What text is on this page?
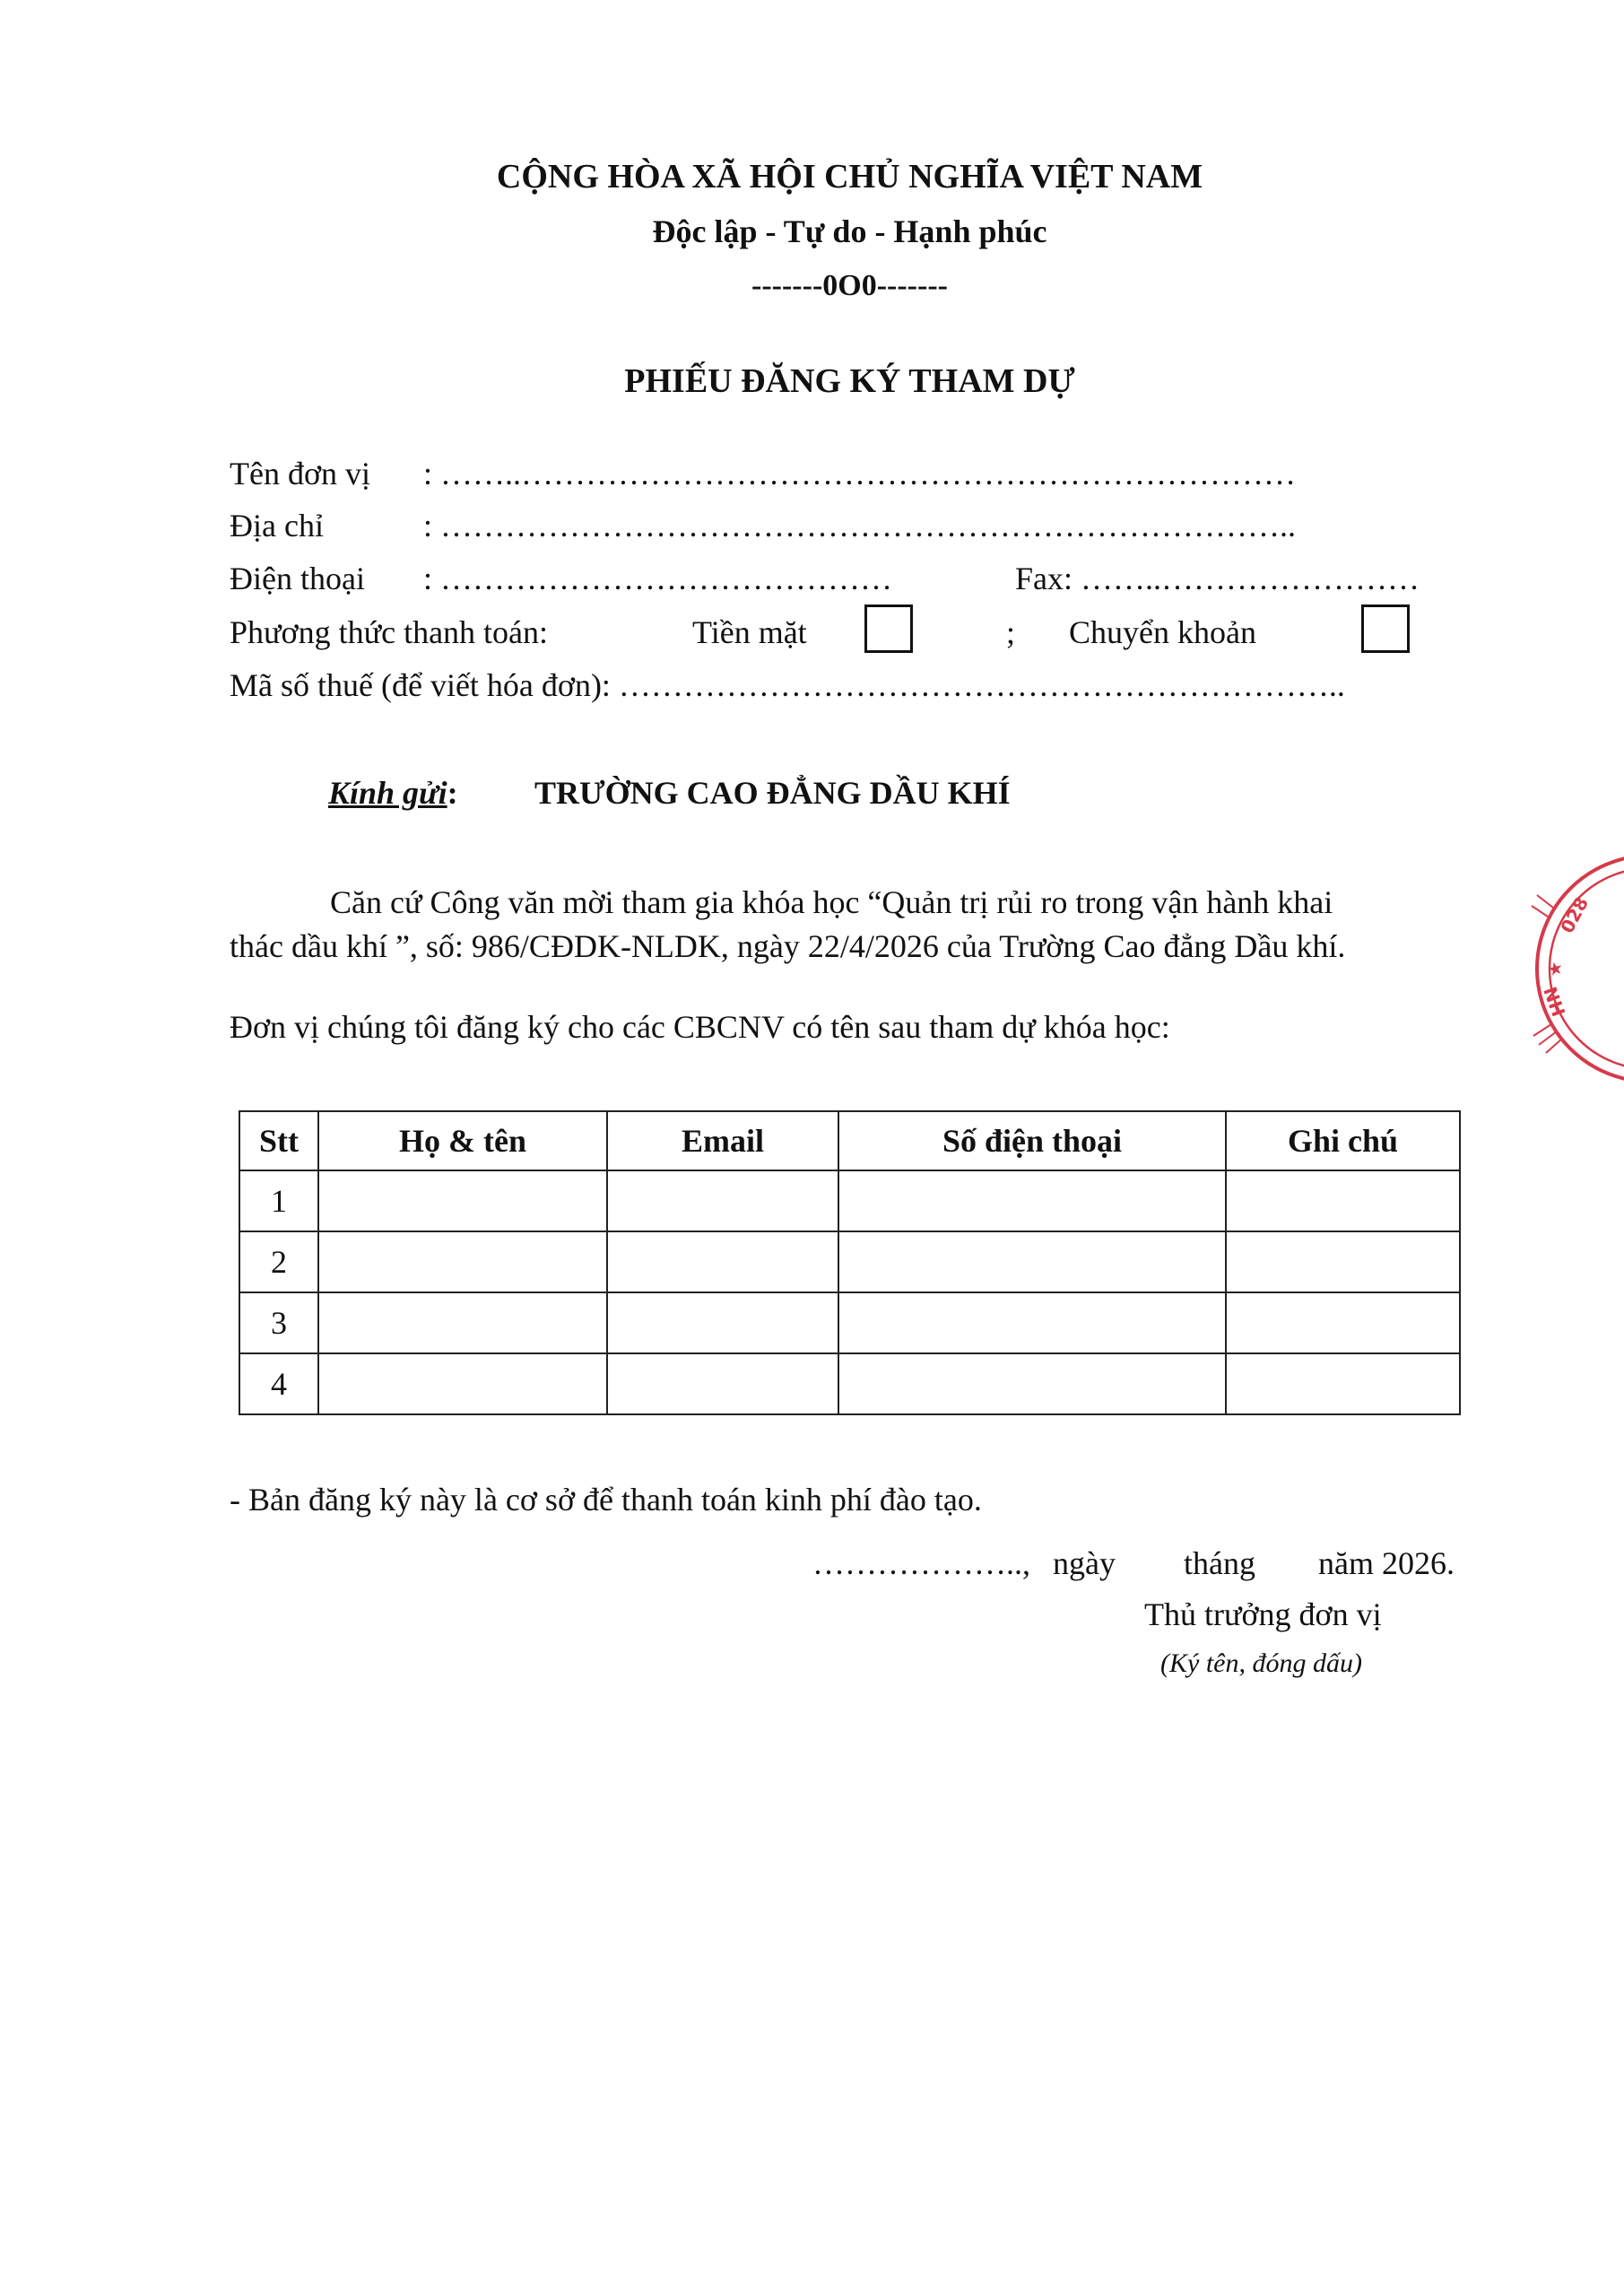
CỘNG HÒA XÃ HỘI CHỦ NGHĨA VIỆT NAM
Độc lập - Tự do - Hạnh phúc
-------0O0-------
PHIẾU ĐĂNG KÝ THAM DỰ
Tên đơn vị : ……..………………………………………………………………
Địa chỉ	: ……………………………………………………………………..
Điện thoại : ……………………………………	Fax: ……..……………………
Phương thức thanh toán:	Tiền mặt	; Chuyển khoản
Mã số thuế (để viết hóa đơn): …………………………………………………………..
Kính gửi: TRƯỜNG CAO ĐẲNG DẦU KHÍ
Căn cứ Công văn mời tham gia khóa học “Quản trị rủi ro trong vận hành khai
thác dầu khí ”, số: 986/CĐDK-NLDK, ngày 22/4/2026 của Trường Cao đẳng Dầu khí.
Đơn vị chúng tôi đăng ký cho các CBCNV có tên sau tham dự khóa học:
Stt	Họ & tên	Email	Số điện thoại	Ghi chú
1				
2				
3				
4				
- Bản đăng ký này là cơ sở để thanh toán kinh phí đào tạo.
……………….., ngày tháng năm 2026.
Thủ trưởng đơn vị
(Ký tên, đóng dấu)
028
★
HN
